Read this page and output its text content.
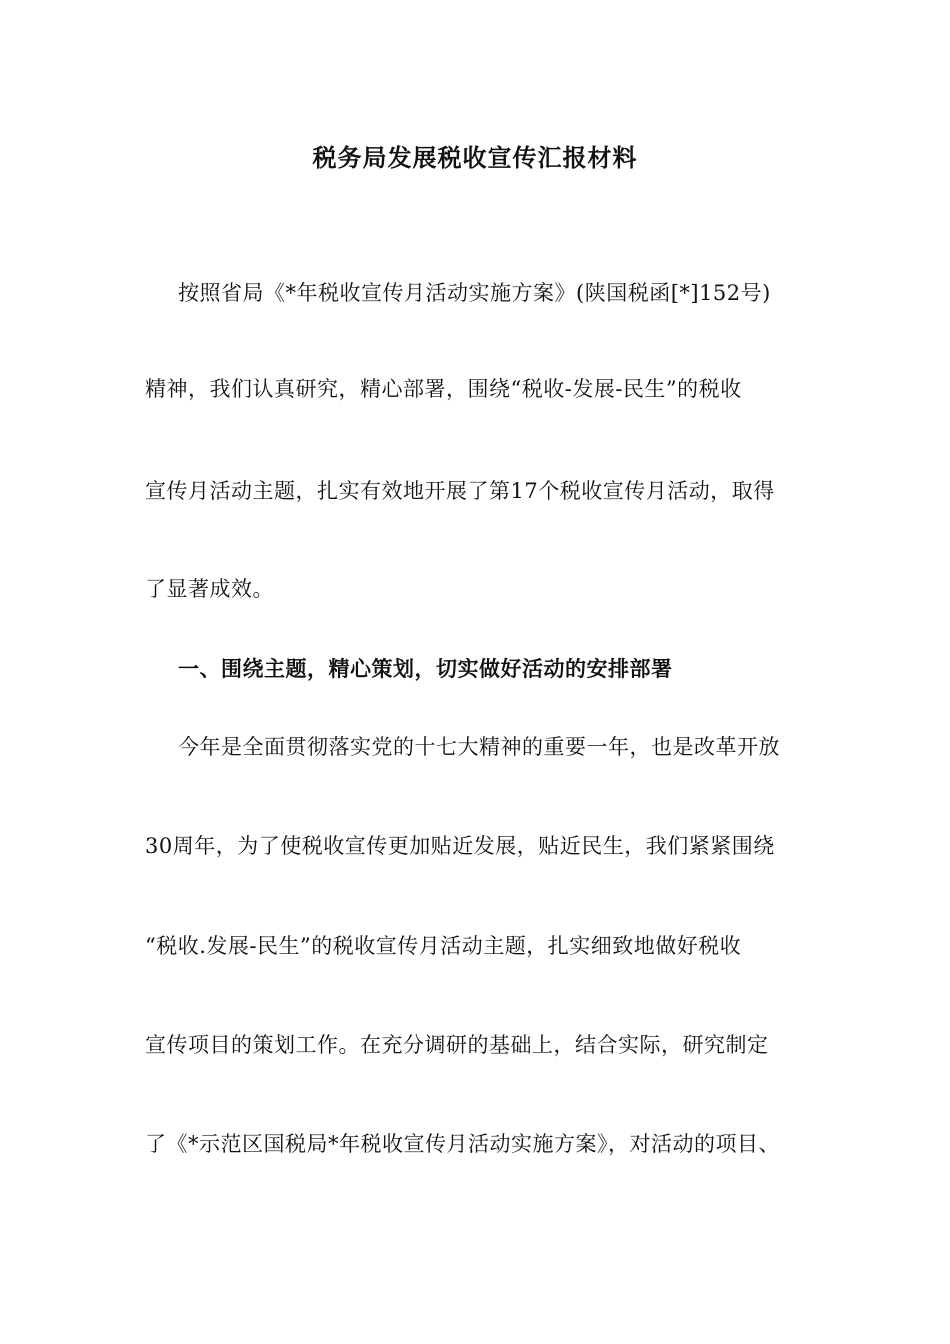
税务局发展税收宣传汇报材料
按照省局《*年税收宣传月活动实施方案》(陕国税函[*]152号)
精神，我们认真研究，精心部署，围绕“税收-发展-民生”的税收
宣传月活动主题，扎实有效地开展了第17个税收宣传月活动，取得
了显著成效。
一、围绕主题，精心策划，切实做好活动的安排部署
今年是全面贯彻落实党的十七大精神的重要一年，也是改革开放
30周年，为了使税收宣传更加贴近发展，贴近民生，我们紧紧围绕
“税收.发展-民生”的税收宣传月活动主题，扎实细致地做好税收
宣传项目的策划工作。在充分调研的基础上，结合实际，研究制定
了《*示范区国税局*年税收宣传月活动实施方案》，对活动的项目、
